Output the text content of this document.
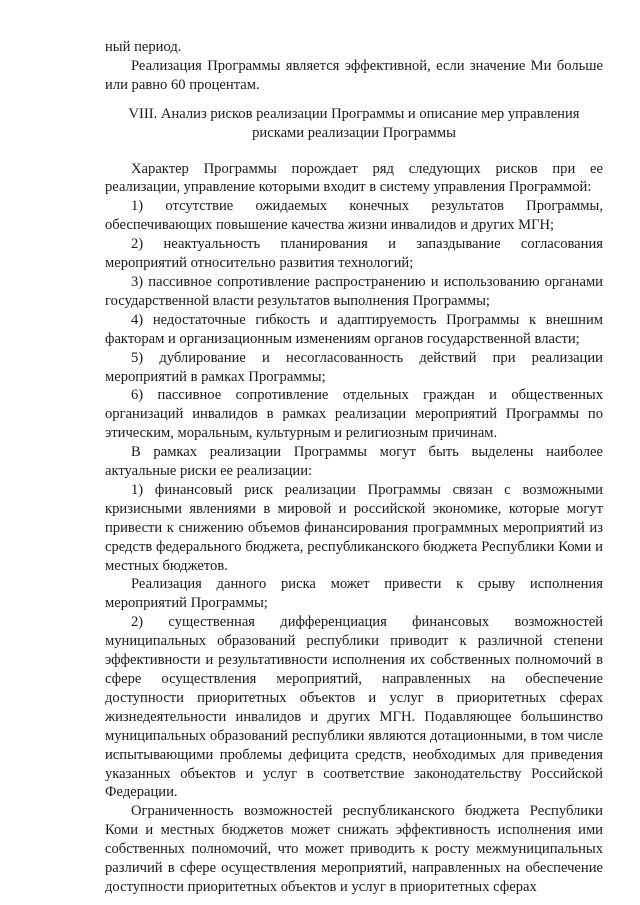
ный период.

Реализация Программы является эффективной, если значение Ми больше или равно 60 процентам.

VIII. Анализ рисков реализации Программы и описание мер управления рисками реализации Программы

Характер Программы порождает ряд следующих рисков при ее реализации, управление которыми входит в систему управления Программой:

1) отсутствие ожидаемых конечных результатов Программы, обеспечивающих повышение качества жизни инвалидов и других МГН;

2) неактуальность планирования и запаздывание согласования мероприятий относительно развития технологий;

3) пассивное сопротивление распространению и использованию органами государственной власти результатов выполнения Программы;

4) недостаточные гибкость и адаптируемость Программы к внешним факторам и организационным изменениям органов государственной власти;

5) дублирование и несогласованность действий при реализации мероприятий в рамках Программы;

6) пассивное сопротивление отдельных граждан и общественных организаций инвалидов в рамках реализации мероприятий Программы по этическим, моральным, культурным и религиозным причинам.

В рамках реализации Программы могут быть выделены наиболее актуальные риски ее реализации:

1) финансовый риск реализации Программы связан с возможными кризисными явлениями в мировой и российской экономике, которые могут привести к снижению объемов финансирования программных мероприятий из средств федерального бюджета, республиканского бюджета Республики Коми и местных бюджетов.

Реализация данного риска может привести к срыву исполнения мероприятий Программы;

2) существенная дифференциация финансовых возможностей муниципальных образований республики приводит к различной степени эффективности и результативности исполнения их собственных полномочий в сфере осуществления мероприятий, направленных на обеспечение доступности приоритетных объектов и услуг в приоритетных сферах жизнедеятельности инвалидов и других МГН. Подавляющее большинство муниципальных образований республики являются дотационными, в том числе испытывающими проблемы дефицита средств, необходимых для приведения указанных объектов и услуг в соответствие законодательству Российской Федерации.

Ограниченность возможностей республиканского бюджета Республики Коми и местных бюджетов может снижать эффективность исполнения ими собственных полномочий, что может приводить к росту межмуниципальных различий в сфере осуществления мероприятий, направленных на обеспечение доступности приоритетных объектов и услуг в приоритетных сферах
